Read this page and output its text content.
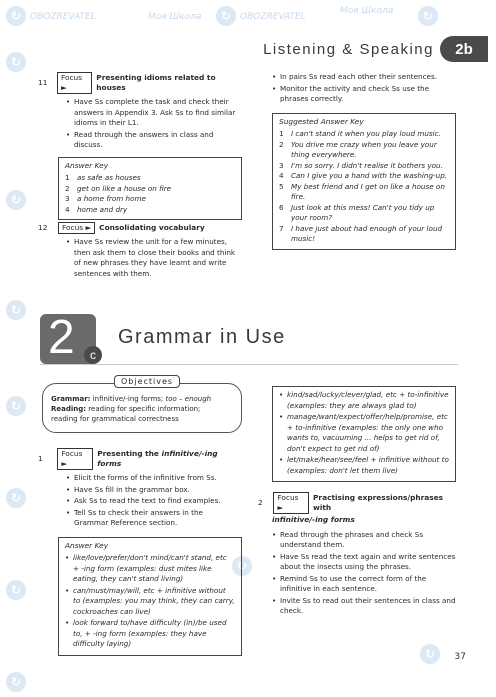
↻ OBOZREVATEL	Моя Школа	↻ OBOZREVATEL
Моя Школа	↻
↻
↻
↻
↻
↻
↻
↻
↻
↻
Listening & Speaking	2b
11
Focus ►
Presenting idioms related to houses
• Have Ss complete the task and check their answers in Appendix 3. Ask Ss to find similar idioms in their L1.
• Read through the answers in class and discuss.
Answer Key
1	as safe as houses
2	get on like a house on fire
3	a home from home
4	home and dry
12	Focus ►	Consolidating vocabulary
• Have Ss review the unit for a few minutes, then ask them to close their books and think of new phrases they have learnt and write sentences with them.
• In pairs Ss read each other their sentences.
• Monitor the activity and check Ss use the phrases correctly.
Suggested Answer Key
1	I can't stand it when you play loud music.
2	You drive me crazy when you leave your thing everywhere.
3	I'm so sorry. I didn't realise it bothers you.
4	Can I give you a hand with the washing-up.
5	My best friend and I get on like a house on fire.
6	Just look at this mess! Can't you tidy up your room?
7	I have just about had enough of your loud music!
2	c
Grammar in Use
Objectives
Grammar: infinitive/-ing forms; too – enough
Reading: reading for specific information;
reading for grammatical correctness
1
Focus ►
Presenting the infinitive/-ing forms
• Elicit the forms of the infinitive from Ss.
• Have Ss fill in the grammar box.
• Ask Ss to read the text to find examples.
• Tell Ss to check their answers in the Grammar Reference section.
Answer Key
• like/love/prefer/don't mind/can't stand, etc + -ing form (examples: dust mites like eating, they can't stand living)
• can/must/may/will, etc + infinitive without to (examples: you may think, they can carry, cockroaches can live)
• look forward to/have difficulty (in)/be used to, + -ing form (examples: they have difficulty laying)
• kind/sad/lucky/clever/glad, etc + to-infinitive (examples: they are always glad to)
• manage/want/expect/offer/help/promise, etc + to-infinitive (examples: the only one who wants to, vacuuming ... helps to get rid of, don't expect to get rid of)
• let/make/hear/see/feel + infinitive without to (examples: don't let them live)
2
Focus ►
Practising expressions/phrases with
infinitive/-ing forms
• Read through the phrases and check Ss understand them.
• Have Ss read the text again and write sentences about the insects using the phrases.
• Remind Ss to use the correct form of the infinitive in each sentence.
• Invite Ss to read out their sentences in class and check.
37
